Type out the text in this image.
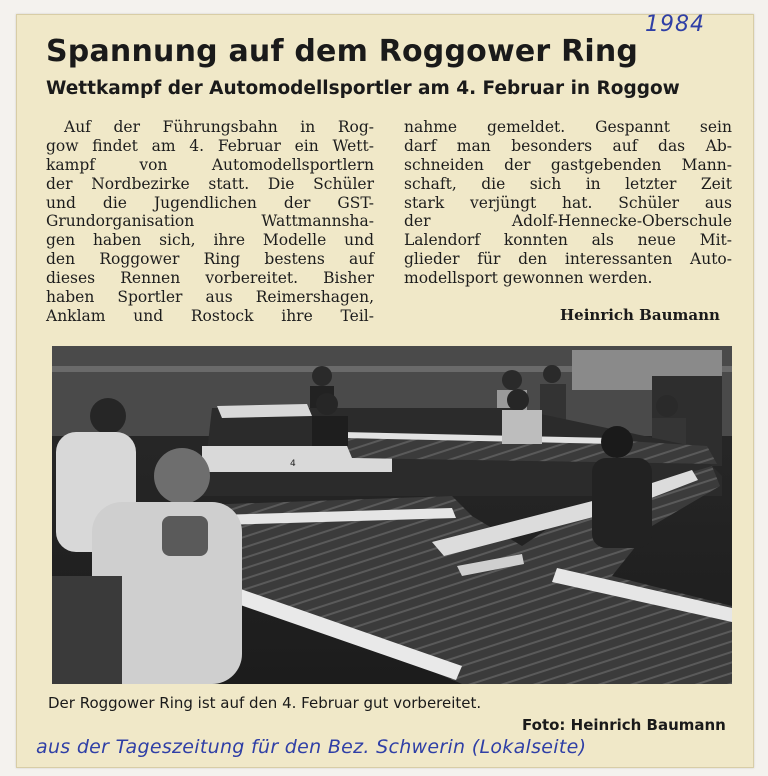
1984
Spannung auf dem Roggower Ring
Wettkampf der Automodellsportler am 4. Februar in Roggow
Auf der Führungsbahn in Rog-
gow findet am 4. Februar ein Wett-
kampf von Automodellsportlern
der Nordbezirke statt. Die Schüler
und die Jugendlichen der GST-
Grundorganisation Wattmannsha-
gen haben sich, ihre Modelle und
den Roggower Ring bestens auf
dieses Rennen vorbereitet. Bisher
haben Sportler aus Reimershagen,
Anklam und Rostock ihre Teil-
nahme gemeldet. Gespannt sein
darf man besonders auf das Ab-
schneiden der gastgebenden Mann-
schaft, die sich in letzter Zeit
stark verjüngt hat. Schüler aus
der Adolf-Hennecke-Oberschule
Lalendorf konnten als neue Mit-
glieder für den interessanten Auto-
modellsport gewonnen werden.
Heinrich Baumann
4
Der Roggower Ring ist auf den 4. Februar gut vorbereitet.
Foto: Heinrich Baumann
aus der Tageszeitung für den Bez. Schwerin (Lokalseite)
